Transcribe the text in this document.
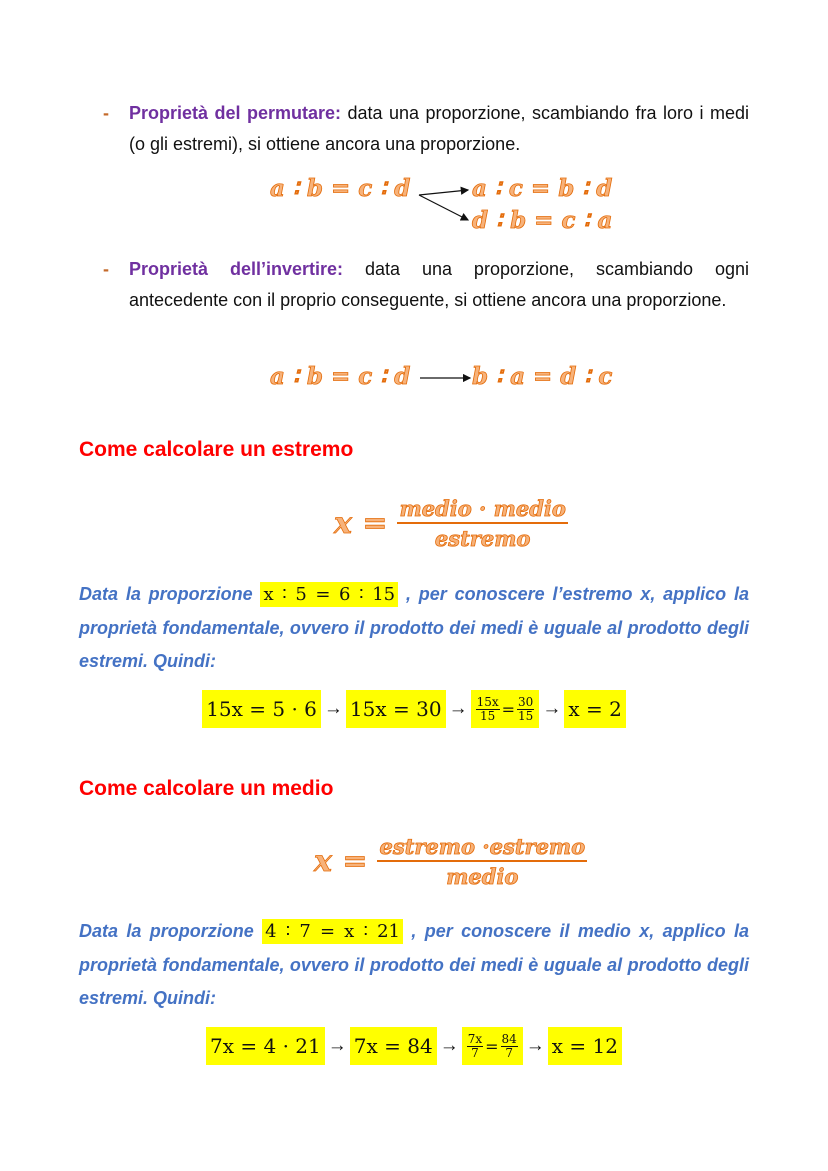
- Proprietà del permutare: data una proporzione, scambiando fra loro i medi (o gli estremi), si ottiene ancora una proporzione.
a ∶ b = c ∶ d	a ∶ c = b ∶ d
d ∶ b = c ∶ a
- Proprietà dell’invertire: data una proporzione, scambiando ogni antecedente con il proprio conseguente, si ottiene ancora una proporzione.
a ∶ b = c ∶ d	b ∶ a = d ∶ c
Come calcolare un estremo
$x = \frac{\text{medio · medio}}{\text{estremo}}$
Data la proporzione x ∶ 5 = 6 ∶ 15 , per conoscere l’estremo x, applico la proprietà fondamentale, ovvero il prodotto dei medi è uguale al prodotto degli estremi. Quindi:
$15x = 5 \cdot 6 \to 15x = 30 \to \frac{15x}{15} = \frac{30}{15} \to x = 2$
Come calcolare un medio
$x = \frac{\text{estremo ·estremo}}{\text{medio}}$
Data la proporzione 4 ∶ 7 = x ∶ 21 , per conoscere il medio x, applico la proprietà fondamentale, ovvero il prodotto dei medi è uguale al prodotto degli estremi. Quindi:
$7x = 4 \cdot 21 \to 7x = 84 \to \frac{7x}{7} = \frac{84}{7} \to x = 12$
